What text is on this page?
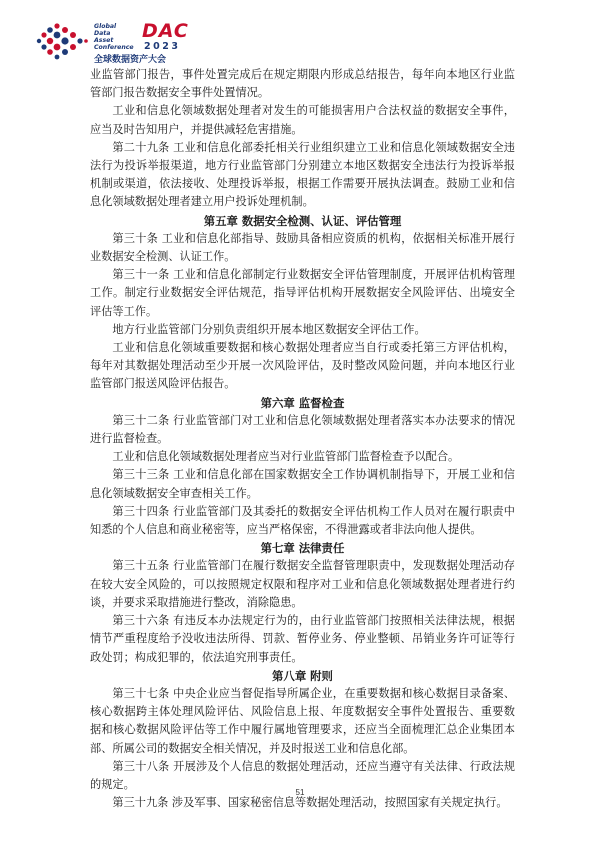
Global
Data
Asset
Conference
DAC
2023
全球数据资产大会

业监管部门报告，事件处置完成后在规定期限内形成总结报告，每年向本地区行业监管部门报告数据安全事件处置情况。

工业和信息化领域数据处理者对发生的可能损害用户合法权益的数据安全事件，应当及时告知用户，并提供减轻危害措施。

第二十九条 工业和信息化部委托相关行业组织建立工业和信息化领域数据安全违法行为投诉举报渠道，地方行业监管部门分别建立本地区数据安全违法行为投诉举报机制或渠道，依法接收、处理投诉举报，根据工作需要开展执法调查。鼓励工业和信息化领域数据处理者建立用户投诉处理机制。

第五章 数据安全检测、认证、评估管理

第三十条 工业和信息化部指导、鼓励具备相应资质的机构，依据相关标准开展行业数据安全检测、认证工作。

第三十一条 工业和信息化部制定行业数据安全评估管理制度，开展评估机构管理工作。制定行业数据安全评估规范，指导评估机构开展数据安全风险评估、出境安全评估等工作。

地方行业监管部门分别负责组织开展本地区数据安全评估工作。

工业和信息化领域重要数据和核心数据处理者应当自行或委托第三方评估机构，每年对其数据处理活动至少开展一次风险评估，及时整改风险问题，并向本地区行业监管部门报送风险评估报告。

第六章 监督检查

第三十二条 行业监管部门对工业和信息化领域数据处理者落实本办法要求的情况进行监督检查。

工业和信息化领域数据处理者应当对行业监管部门监督检查予以配合。

第三十三条 工业和信息化部在国家数据安全工作协调机制指导下，开展工业和信息化领域数据安全审查相关工作。

第三十四条 行业监管部门及其委托的数据安全评估机构工作人员对在履行职责中知悉的个人信息和商业秘密等，应当严格保密，不得泄露或者非法向他人提供。

第七章 法律责任

第三十五条 行业监管部门在履行数据安全监督管理职责中，发现数据处理活动存在较大安全风险的，可以按照规定权限和程序对工业和信息化领域数据处理者进行约谈，并要求采取措施进行整改，消除隐患。

第三十六条 有违反本办法规定行为的，由行业监管部门按照相关法律法规，根据情节严重程度给予没收违法所得、罚款、暂停业务、停业整顿、吊销业务许可证等行政处罚；构成犯罪的，依法追究刑事责任。

第八章 附则

第三十七条 中央企业应当督促指导所属企业，在重要数据和核心数据目录备案、核心数据跨主体处理风险评估、风险信息上报、年度数据安全事件处置报告、重要数据和核心数据风险评估等工作中履行属地管理要求，还应当全面梳理汇总企业集团本部、所属公司的数据安全相关情况，并及时报送工业和信息化部。

第三十八条 开展涉及个人信息的数据处理活动，还应当遵守有关法律、行政法规的规定。

第三十九条 涉及军事、国家秘密信息等数据处理活动，按照国家有关规定执行。

51
